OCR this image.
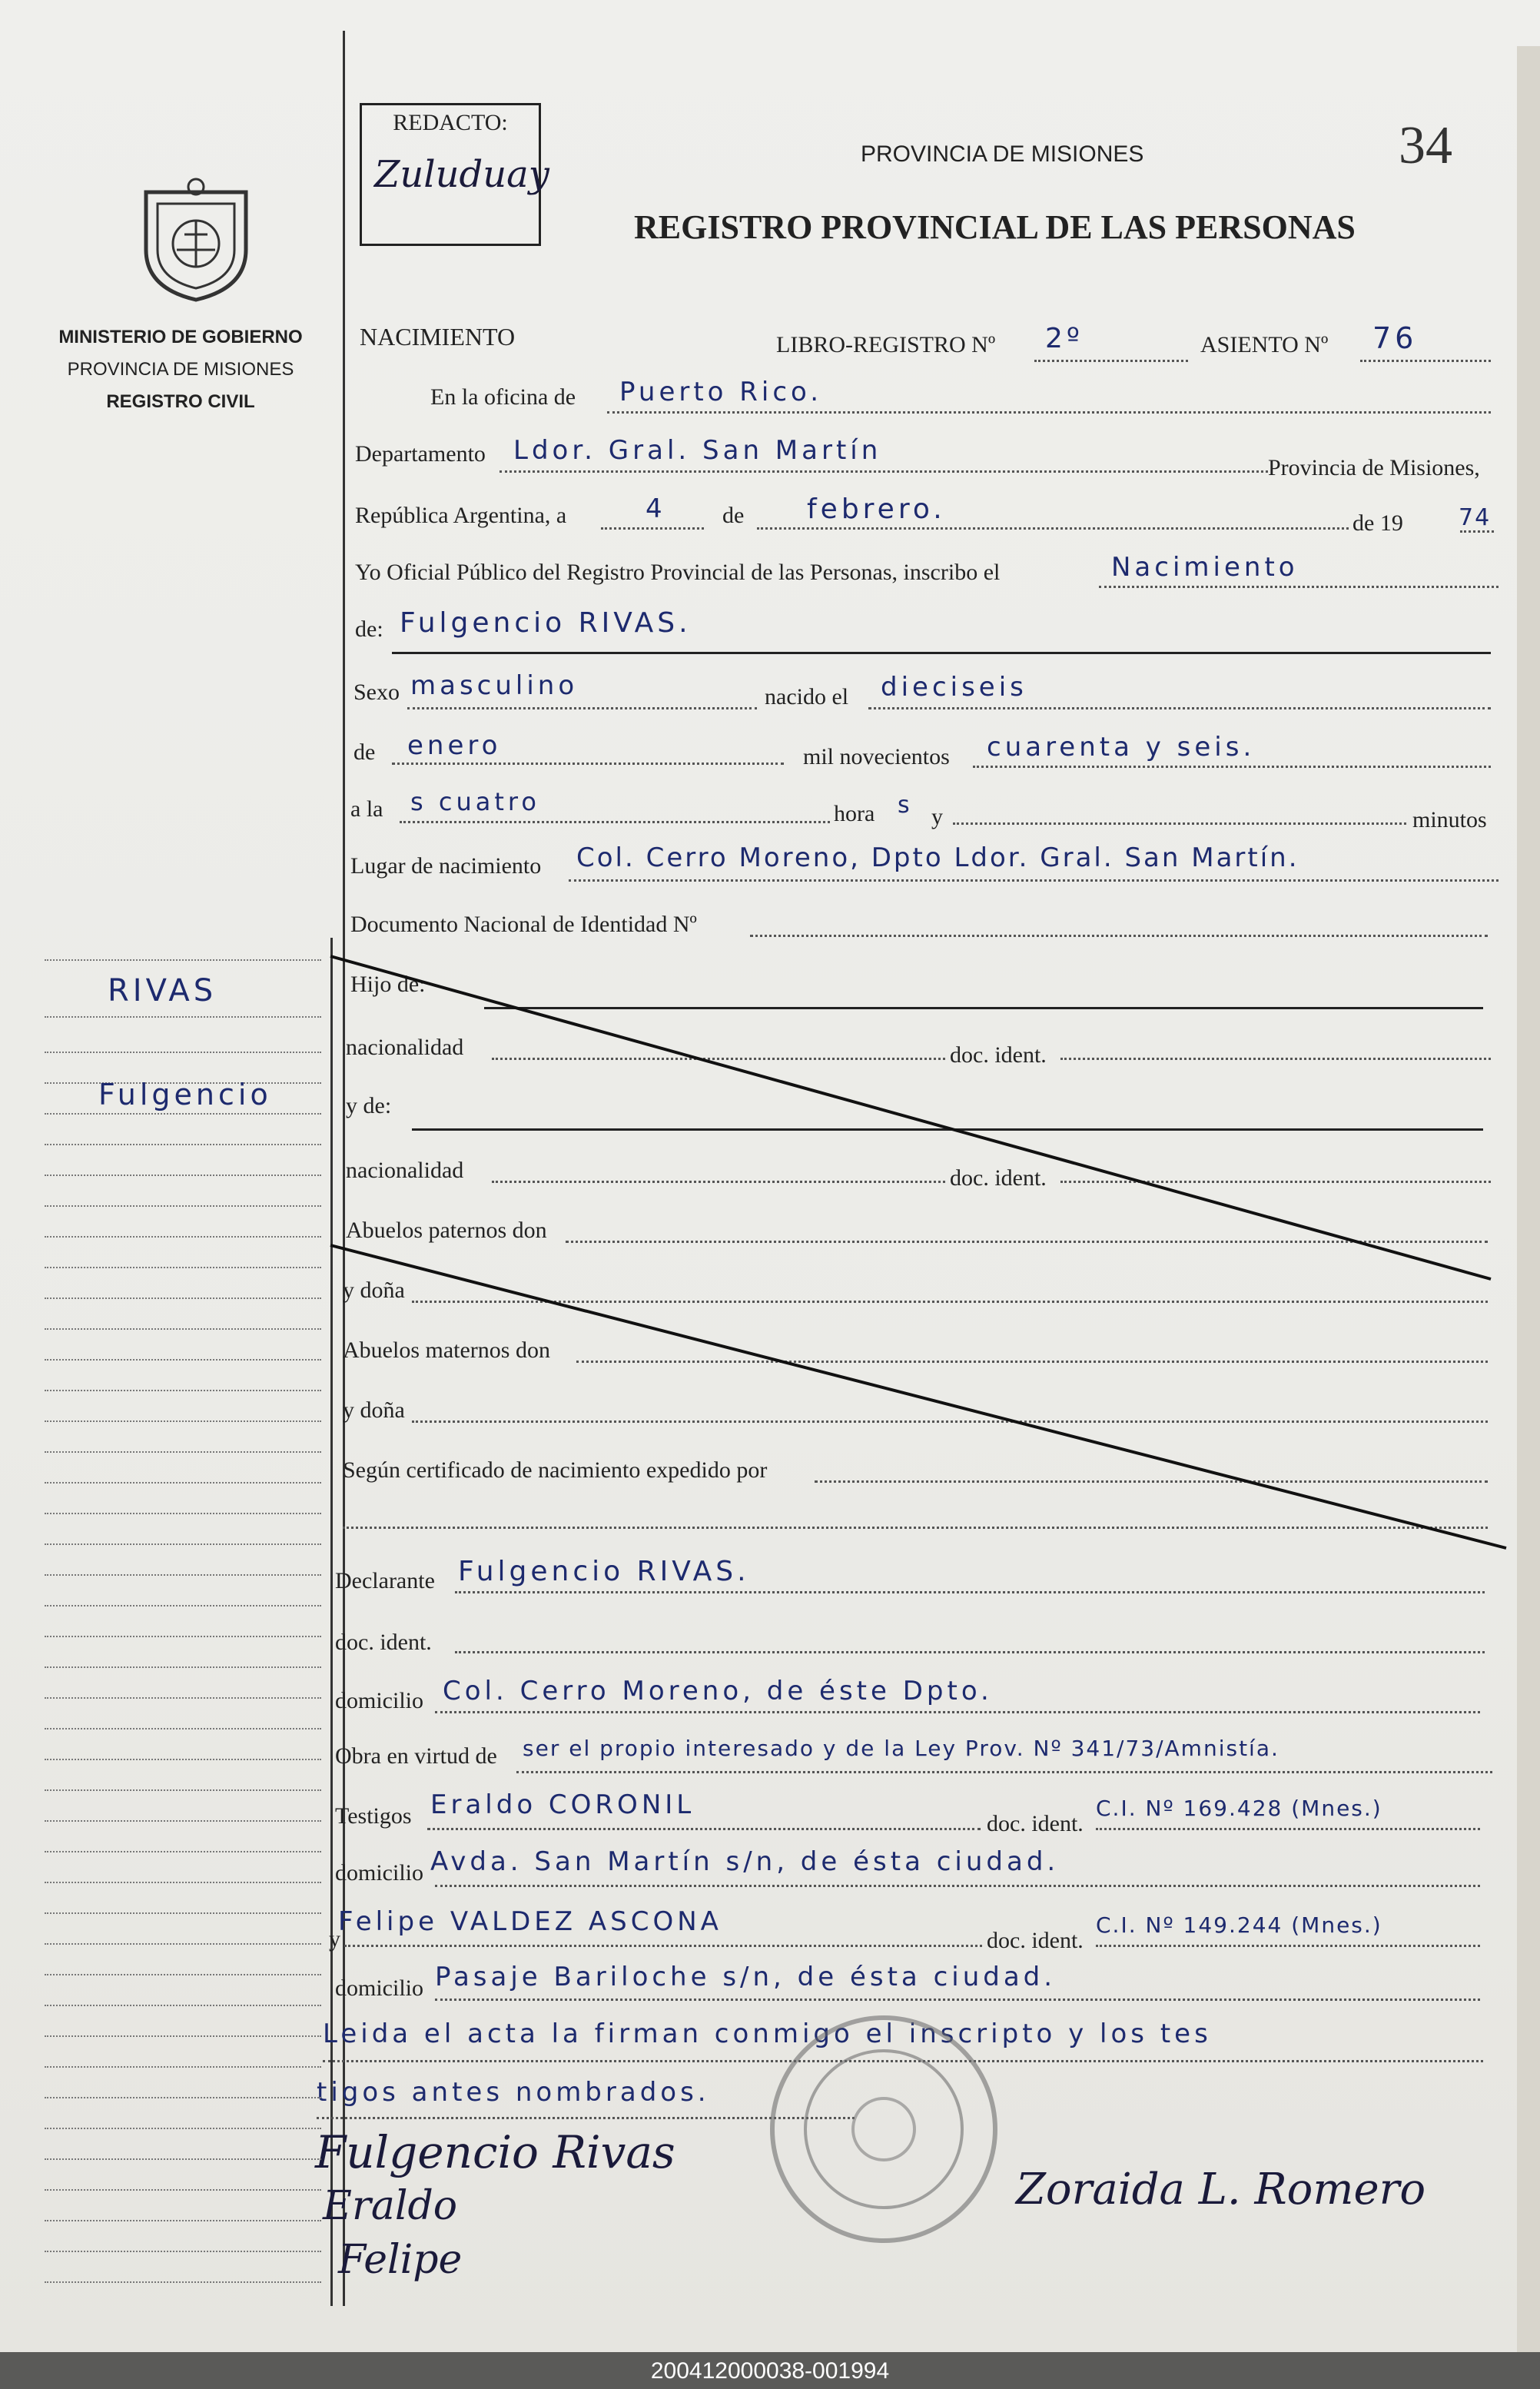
MINISTERIO DE GOBIERNO
PROVINCIA DE MISIONES
REGISTRO CIVIL
REDACTO:
Zuluduay	PROVINCIA DE MISIONES	34
REGISTRO PROVINCIAL DE LAS PERSONAS
NACIMIENTO	LIBRO-REGISTRO Nº 2º	ASIENTO Nº 76
En la oficina de Puerto Rico.
Departamento Ldor. Gral. San Martín
Provincia de Misiones,
República Argentina, a	4 de febrero.	de 19 74
Yo Oficial Público del Registro Provincial de las Personas, inscribo el	Nacimiento
de: Fulgencio RIVAS.
Sexo masculino	nacido el dieciseis
de enero	mil novecientos cuarenta y seis.
a la s cuatro	hora s y	minutos
Lugar de nacimiento Col. Cerro Moreno, Dpto Ldor. Gral. San Martín.
Documento Nacional de Identidad Nº
Hijo de:
nacionalidad	doc. ident.
y de:
nacionalidad	doc. ident.
Abuelos paternos don
y doña
Abuelos maternos don
y doña
Según certificado de nacimiento expedido por
Declarante Fulgencio RIVAS.
doc. ident.
domicilio Col. Cerro Moreno, de éste Dpto.
Obra en virtud de ser el propio interesado y de la Ley Prov. Nº 341/73/Amnistía.
Testigos Eraldo CORONIL
doc. ident.
C.I. Nº 169.428 (Mnes.)
domicilio Avda. San Martín s/n, de ésta ciudad.
y
Felipe VALDEZ ASCONA
doc. ident.
C.I. Nº 149.244 (Mnes.)
domicilio Pasaje Bariloche s/n, de ésta ciudad.
Leida el acta la firman conmigo el inscripto y los tes
tigos antes nombrados.
Fulgencio Rivas
Eraldo
Felipe
Zoraida L. Romero
RIVAS
Fulgencio
200412000038-001994
